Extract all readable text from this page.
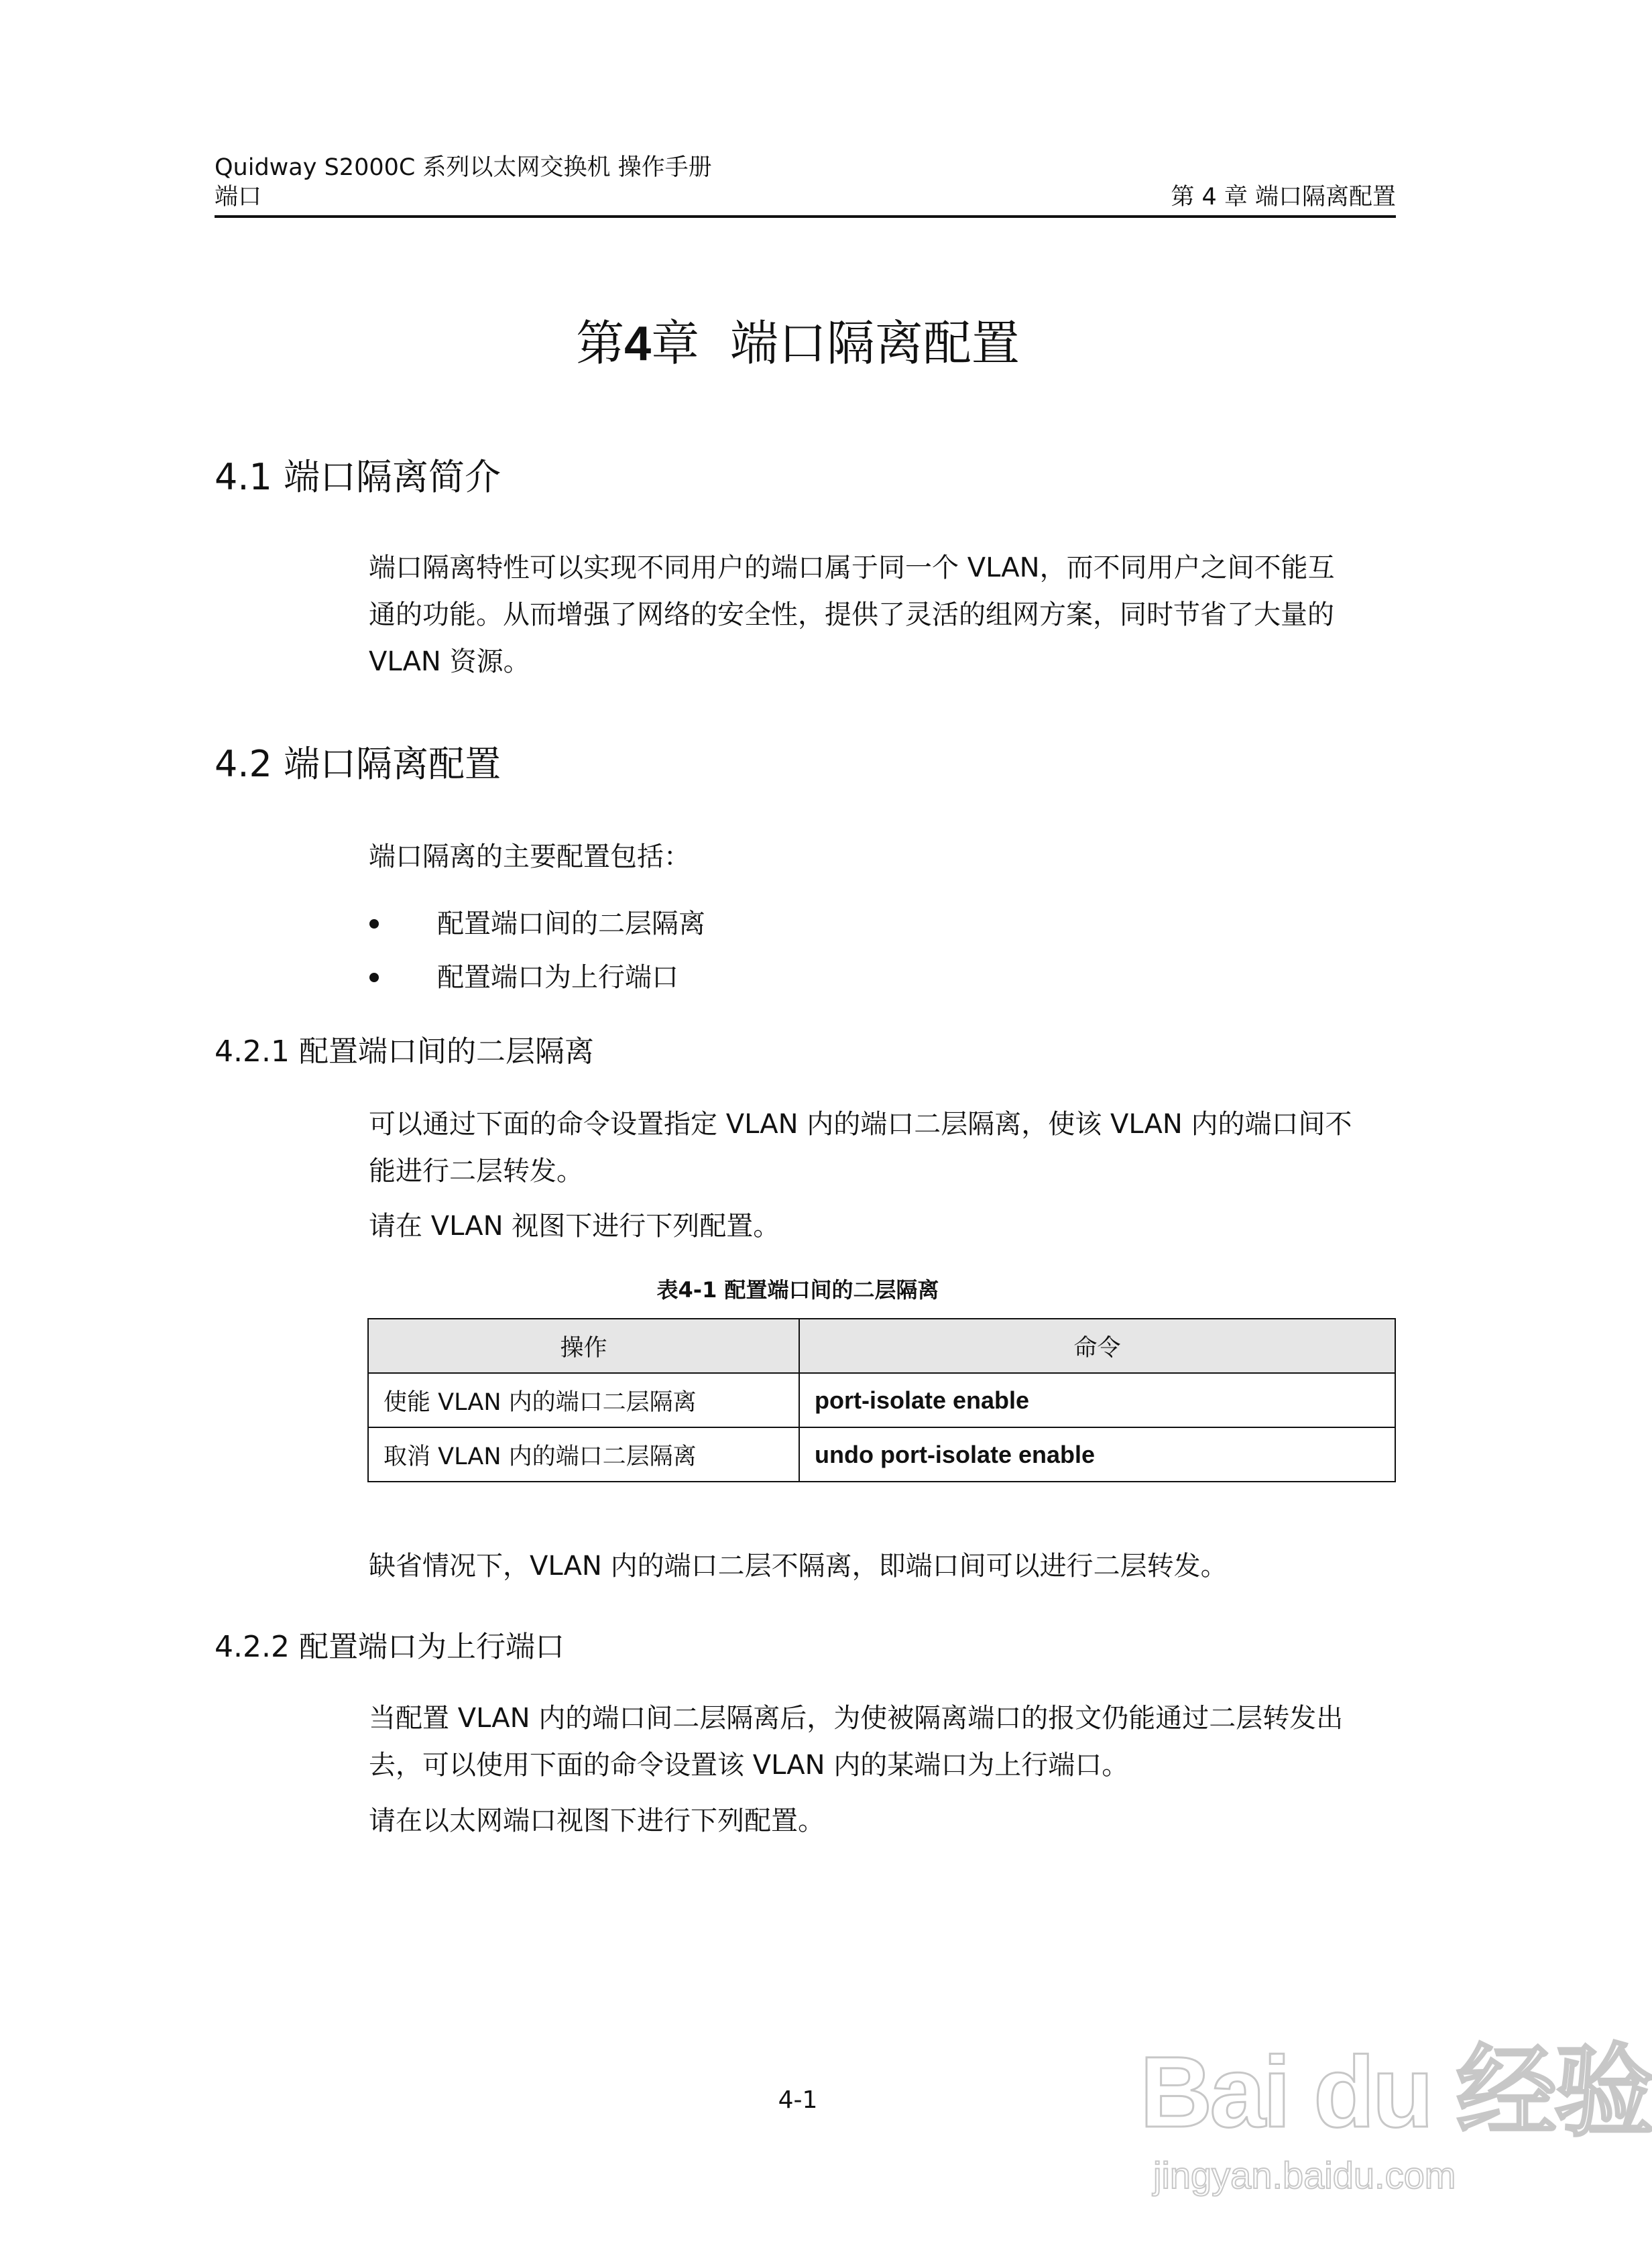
Quidway S2000C 系列以太网交换机 操作手册
端口	第 4 章 端口隔离配置
第4章 端口隔离配置
4.1 端口隔离简介
端口隔离特性可以实现不同用户的端口属于同一个 VLAN，而不同用户之间不能互
通的功能。从而增强了网络的安全性，提供了灵活的组网方案，同时节省了大量的
VLAN 资源。
4.2 端口隔离配置
端口隔离的主要配置包括：
配置端口间的二层隔离
配置端口为上行端口
4.2.1 配置端口间的二层隔离
可以通过下面的命令设置指定 VLAN 内的端口二层隔离，使该 VLAN 内的端口间不
能进行二层转发。
请在 VLAN 视图下进行下列配置。
表4-1 配置端口间的二层隔离
操作	命令
使能 VLAN 内的端口二层隔离	port-isolate enable
取消 VLAN 内的端口二层隔离	undo port-isolate enable
缺省情况下，VLAN 内的端口二层不隔离，即端口间可以进行二层转发。
4.2.2 配置端口为上行端口
当配置 VLAN 内的端口间二层隔离后，为使被隔离端口的报文仍能通过二层转发出
去，可以使用下面的命令设置该 VLAN 内的某端口为上行端口。
请在以太网端口视图下进行下列配置。
4-1	Bai du 经验
jingyan.baidu.com
